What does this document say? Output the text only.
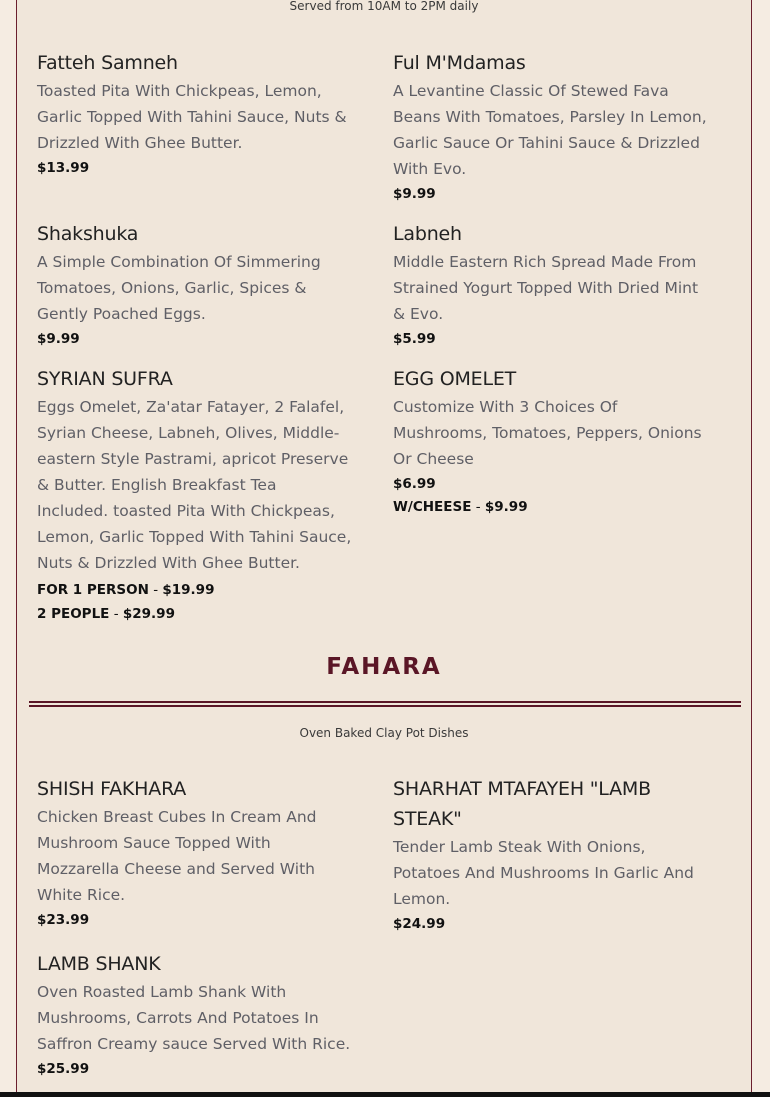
Served from 10AM to 2PM daily
Fatteh Samneh
Toasted Pita With Chickpeas, Lemon, Garlic Topped With Tahini Sauce, Nuts & Drizzled With Ghee Butter.
$13.99
Ful M'Mdamas
A Levantine Classic Of Stewed Fava Beans With Tomatoes, Parsley In Lemon, Garlic Sauce Or Tahini Sauce & Drizzled With Evo.
$9.99
Shakshuka
A Simple Combination Of Simmering Tomatoes, Onions, Garlic, Spices & Gently Poached Eggs.
$9.99
Labneh
Middle Eastern Rich Spread Made From Strained Yogurt Topped With Dried Mint & Evo.
$5.99
SYRIAN SUFRA
Eggs Omelet, Za'atar Fatayer, 2 Falafel, Syrian Cheese, Labneh, Olives, Middle-eastern Style Pastrami, apricot Preserve & Butter. English Breakfast Tea Included. toasted Pita With Chickpeas, Lemon, Garlic Topped With Tahini Sauce, Nuts & Drizzled With Ghee Butter.
FOR 1 PERSON - $19.99
2 PEOPLE - $29.99
EGG OMELET
Customize With 3 Choices Of Mushrooms, Tomatoes, Peppers, Onions Or Cheese
$6.99
W/CHEESE - $9.99
FAHARA
Oven Baked Clay Pot Dishes
SHISH FAKHARA
Chicken Breast Cubes In Cream And Mushroom Sauce Topped With Mozzarella Cheese and Served With White Rice.
$23.99
SHARHAT MTAFAYEH "LAMB STEAK"
Tender Lamb Steak With Onions, Potatoes And Mushrooms In Garlic And Lemon.
$24.99
LAMB SHANK
Oven Roasted Lamb Shank With Mushrooms, Carrots And Potatoes In Saffron Creamy sauce Served With Rice.
$25.99
